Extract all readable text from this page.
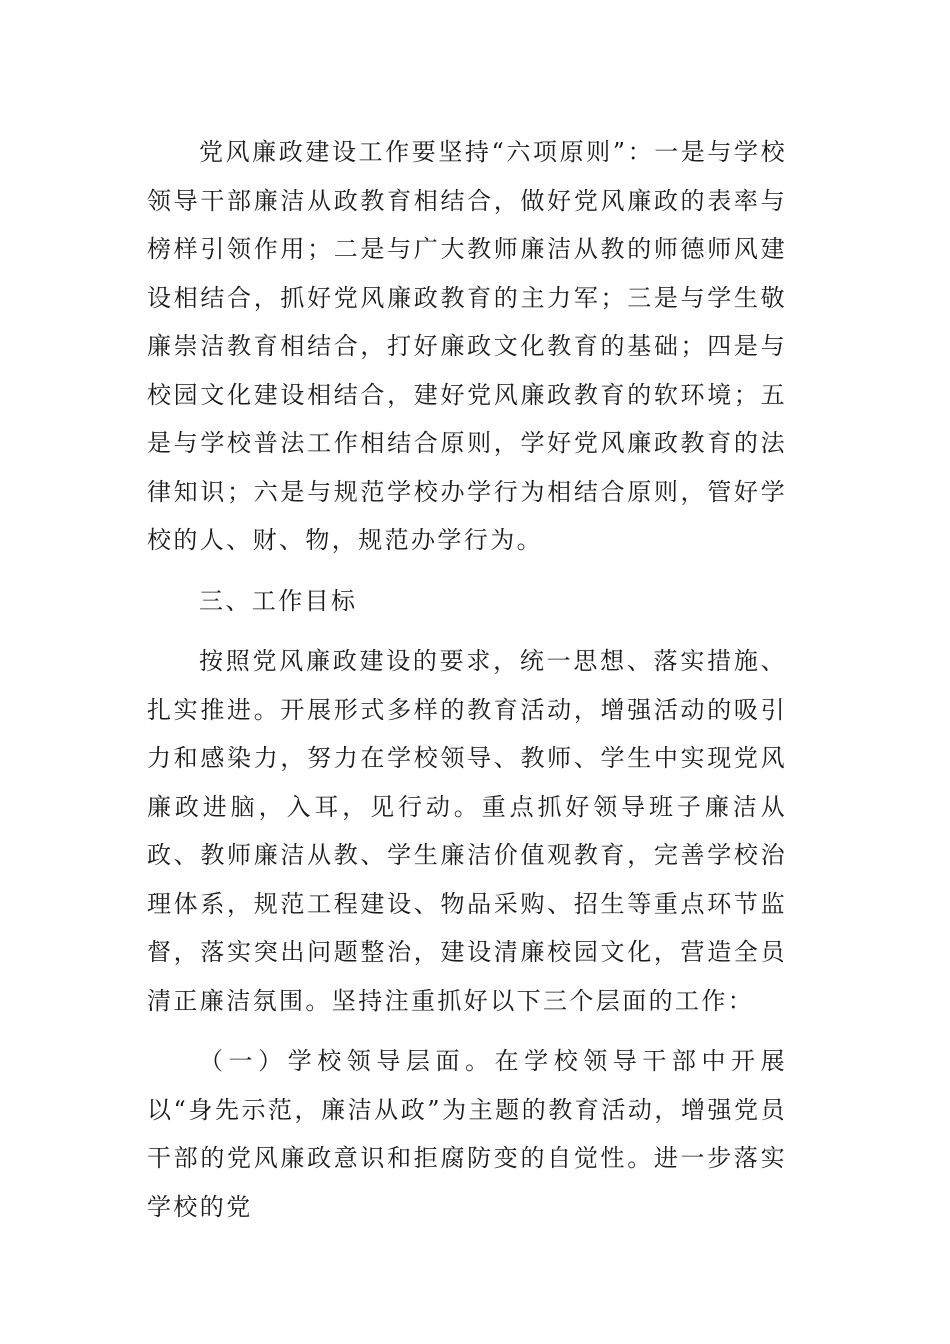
党风廉政建设工作要坚持“六项原则”：一是与学校领导干部廉洁从政教育相结合，做好党风廉政的表率与榜样引领作用；二是与广大教师廉洁从教的师德师风建设相结合，抓好党风廉政教育的主力军；三是与学生敬廉崇洁教育相结合，打好廉政文化教育的基础；四是与校园文化建设相结合，建好党风廉政教育的软环境；五是与学校普法工作相结合原则，学好党风廉政教育的法律知识；六是与规范学校办学行为相结合原则，管好学校的人、财、物，规范办学行为。

三、工作目标

按照党风廉政建设的要求，统一思想、落实措施、扎实推进。开展形式多样的教育活动，增强活动的吸引力和感染力，努力在学校领导、教师、学生中实现党风廉政进脑，入耳，见行动。重点抓好领导班子廉洁从政、教师廉洁从教、学生廉洁价值观教育，完善学校治理体系，规范工程建设、物品采购、招生等重点环节监督，落实突出问题整治，建设清廉校园文化，营造全员清正廉洁氛围。坚持注重抓好以下三个层面的工作：

（一）学校领导层面。在学校领导干部中开展以“身先示范，廉洁从政”为主题的教育活动，增强党员干部的党风廉政意识和拒腐防变的自觉性。进一步落实学校的党
